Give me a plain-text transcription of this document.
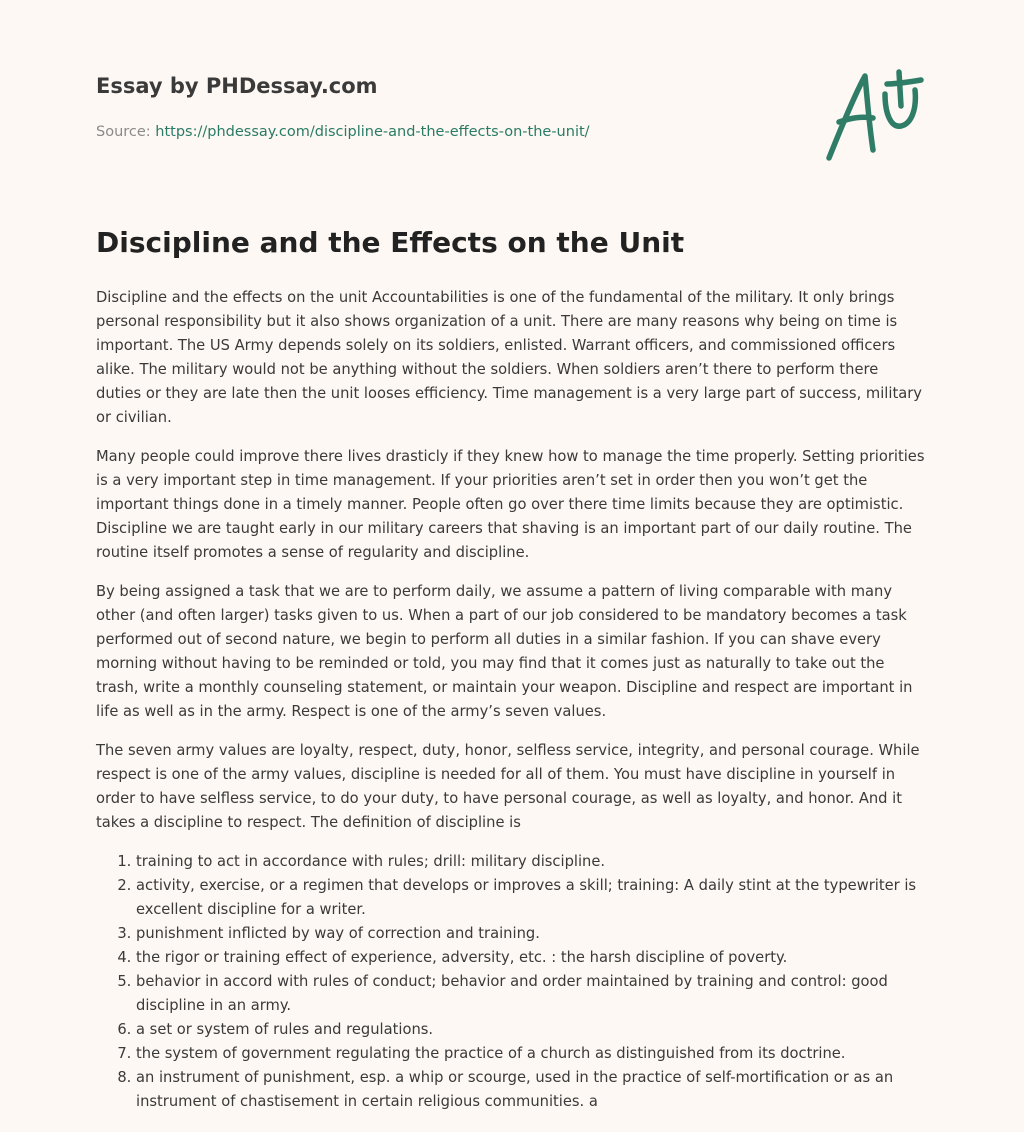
Essay by PHDessay.com
Source: https://phdessay.com/discipline-and-the-effects-on-the-unit/
Discipline and the Effects on the Unit

Discipline and the effects on the unit Accountabilities is one of the fundamental of the military. It only brings personal responsibility but it also shows organization of a unit. There are many reasons why being on time is important. The US Army depends solely on its soldiers, enlisted. Warrant officers, and commissioned officers alike. The military would not be anything without the soldiers. When soldiers aren’t there to perform there duties or they are late then the unit looses efficiency. Time management is a very large part of success, military or civilian.

Many people could improve there lives drasticly if they knew how to manage the time properly. Setting priorities is a very important step in time management. If your priorities aren’t set in order then you won’t get the important things done in a timely manner. People often go over there time limits because they are optimistic. Discipline we are taught early in our military careers that shaving is an important part of our daily routine. The routine itself promotes a sense of regularity and discipline.

By being assigned a task that we are to perform daily, we assume a pattern of living comparable with many other (and often larger) tasks given to us. When a part of our job considered to be mandatory becomes a task performed out of second nature, we begin to perform all duties in a similar fashion. If you can shave every morning without having to be reminded or told, you may find that it comes just as naturally to take out the trash, write a monthly counseling statement, or maintain your weapon. Discipline and respect are important in life as well as in the army. Respect is one of the army’s seven values.

The seven army values are loyalty, respect, duty, honor, selfless service, integrity, and personal courage. While respect is one of the army values, discipline is needed for all of them. You must have discipline in yourself in order to have selfless service, to do your duty, to have personal courage, as well as loyalty, and honor. And it takes a discipline to respect. The definition of discipline is

1. training to act in accordance with rules; drill: military discipline.
2. activity, exercise, or a regimen that develops or improves a skill; training: A daily stint at the typewriter is excellent discipline for a writer.
3. punishment inflicted by way of correction and training.
4. the rigor or training effect of experience, adversity, etc. : the harsh discipline of poverty.
5. behavior in accord with rules of conduct; behavior and order maintained by training and control: good discipline in an army.
6. a set or system of rules and regulations.
7. the system of government regulating the practice of a church as distinguished from its doctrine.
8. an instrument of punishment, esp. a whip or scourge, used in the practice of self-mortification or as an instrument of chastisement in certain religious communities. a
